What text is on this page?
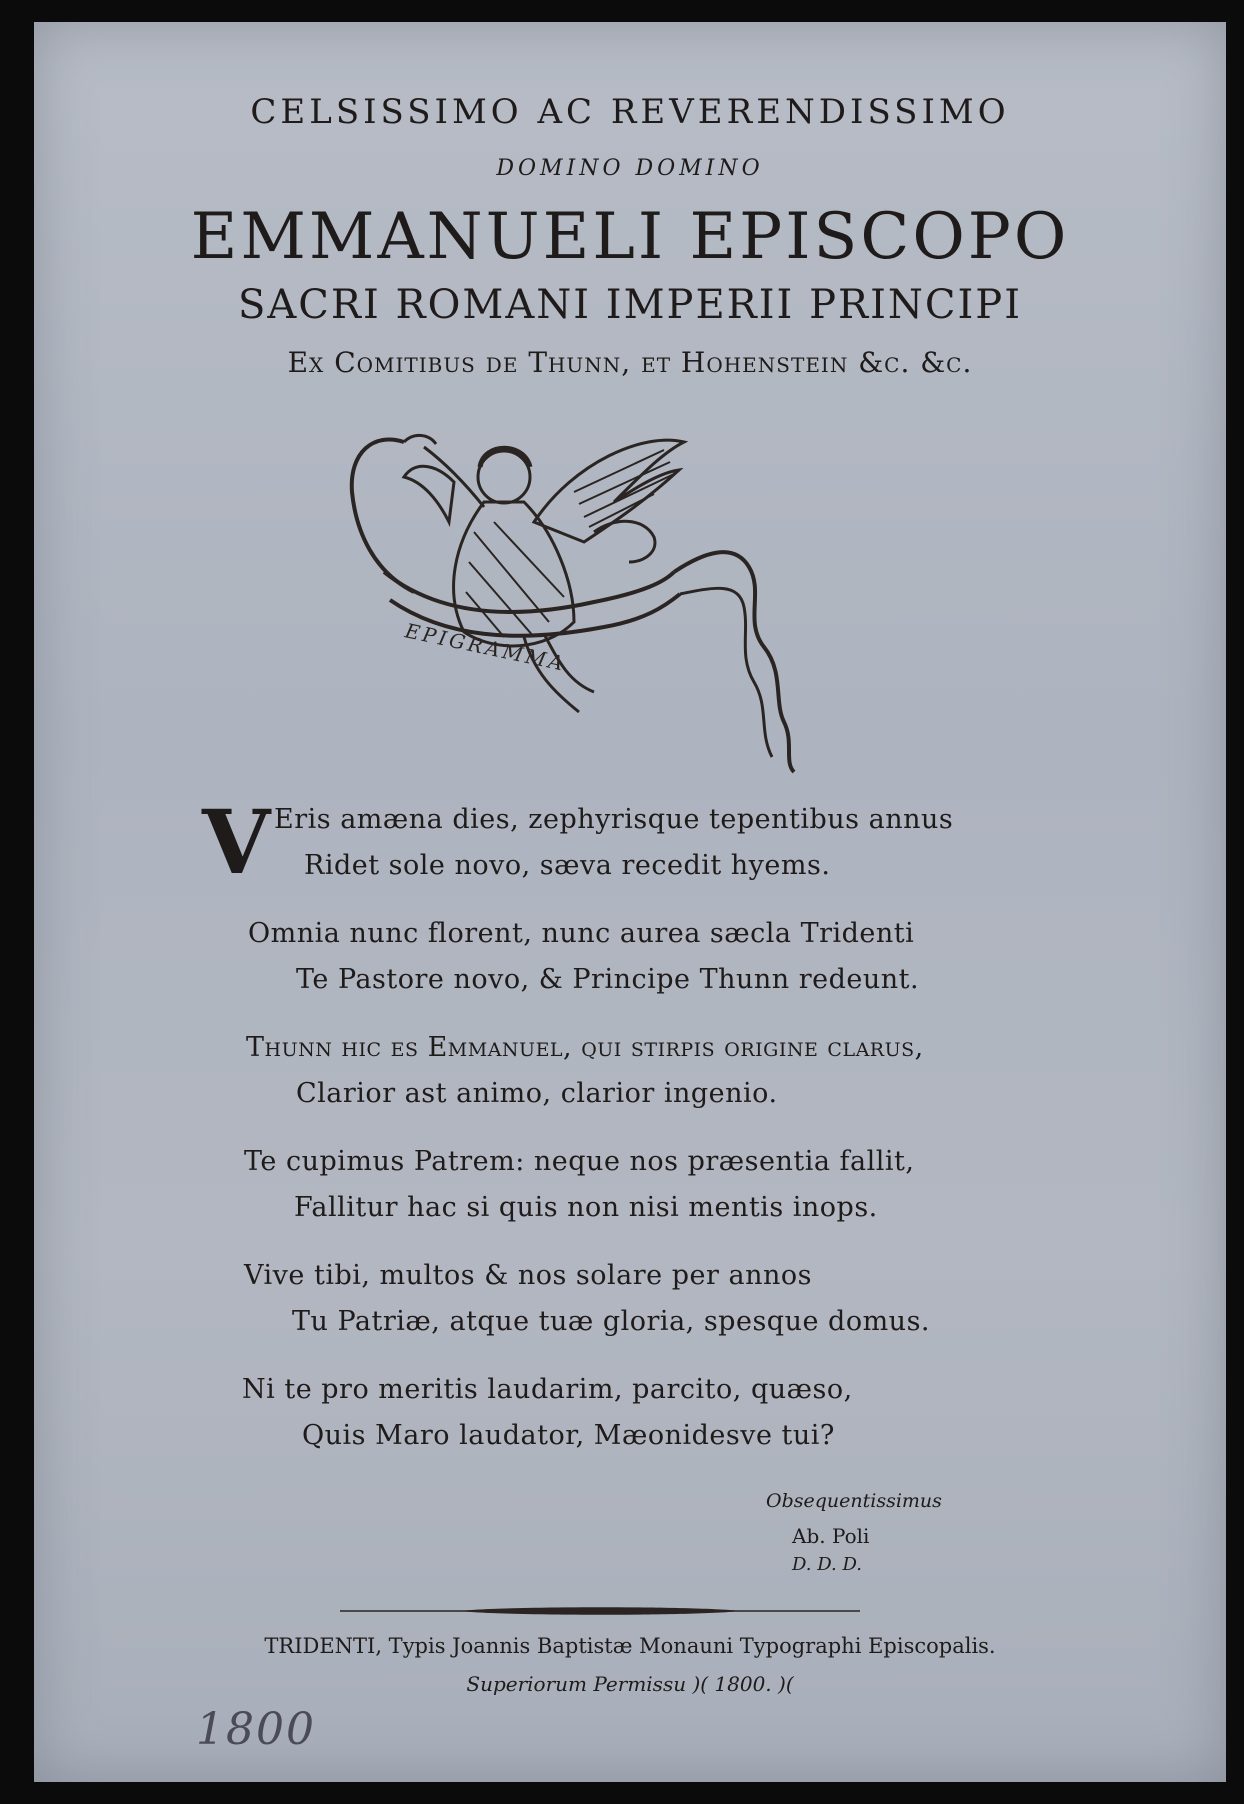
CELSISSIMO AC REVERENDISSIMO
DOMINO DOMINO
EMMANUELI EPISCOPO
SACRI ROMANI IMPERII PRINCIPI
Ex Comitibus de Thunn, et Hohenstein &c. &c.
EPIGRAMMA
V Eris amæna dies, zephyrisque tepentibus annus
Ridet sole novo, sæva recedit hyems.
Omnia nunc florent, nunc aurea sæcla Tridenti
Te Pastore novo, & Principe Thunn redeunt.
Thunn hic es Emmanuel, qui stirpis origine clarus,
Clarior ast animo, clarior ingenio.
Te cupimus Patrem: neque nos præsentia fallit,
Fallitur hac si quis non nisi mentis inops.
Vive tibi, multos & nos solare per annos
Tu Patriæ, atque tuæ gloria, spesque domus.
Ni te pro meritis laudarim, parcito, quæso,
Quis Maro laudator, Mæonidesve tui?
Obsequentissimus
Ab. Poli
D. D. D.
TRIDENTI, Typis Joannis Baptistæ Monauni Typographi Episcopalis.
Superiorum Permissu )( 1800. )(
1800
